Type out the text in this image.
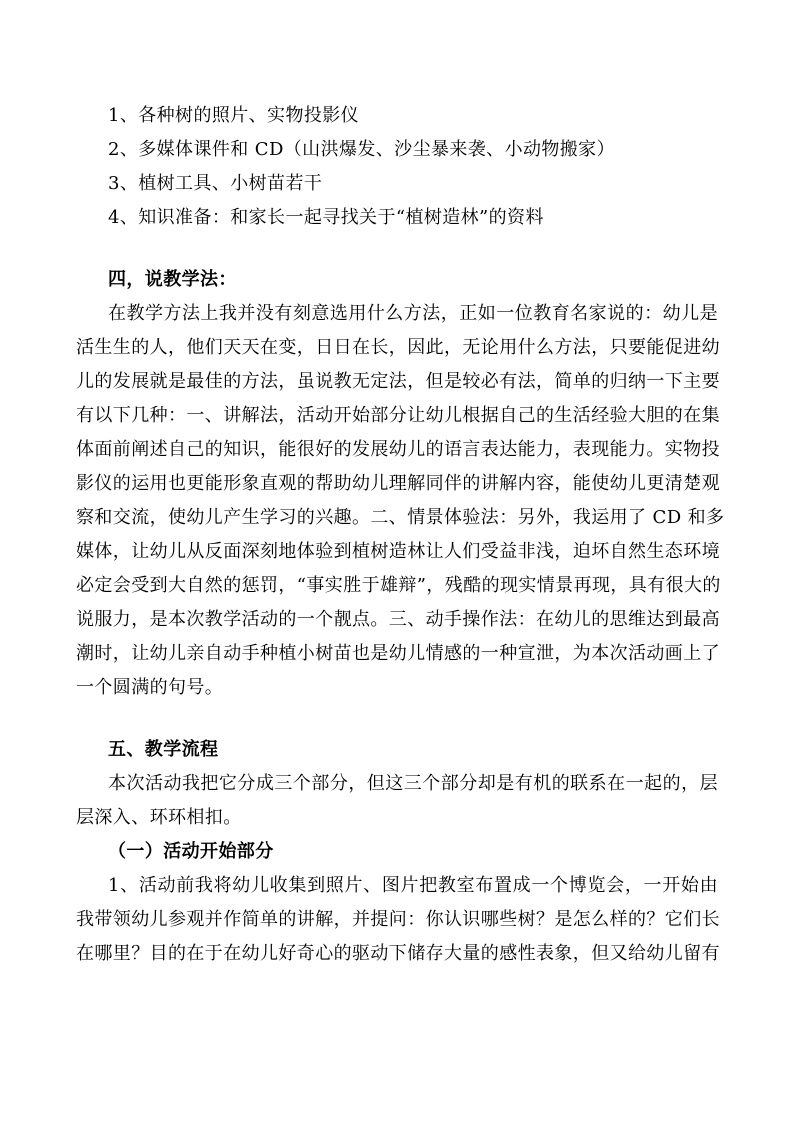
1、各种树的照片、实物投影仪
2、多媒体课件和 CD（山洪爆发、沙尘暴来袭、小动物搬家）
3、植树工具、小树苗若干
4、知识准备：和家长一起寻找关于“植树造林”的资料
四，说教学法：
在教学方法上我并没有刻意选用什么方法，正如一位教育名家说的：幼儿是
活生生的人，他们天天在变，日日在长，因此，无论用什么方法，只要能促进幼
儿的发展就是最佳的方法，虽说教无定法，但是较必有法，简单的归纳一下主要
有以下几种：一、讲解法，活动开始部分让幼儿根据自己的生活经验大胆的在集
体面前阐述自己的知识，能很好的发展幼儿的语言表达能力，表现能力。实物投
影仪的运用也更能形象直观的帮助幼儿理解同伴的讲解内容，能使幼儿更清楚观
察和交流，使幼儿产生学习的兴趣。二、情景体验法：另外，我运用了 CD 和多
媒体，让幼儿从反面深刻地体验到植树造林让人们受益非浅，迫坏自然生态环境
必定会受到大自然的惩罚，“事实胜于雄辩”，残酷的现实情景再现，具有很大的
说服力，是本次教学活动的一个靓点。三、动手操作法：在幼儿的思维达到最高
潮时，让幼儿亲自动手种植小树苗也是幼儿情感的一种宣泄，为本次活动画上了
一个圆满的句号。
五、教学流程
本次活动我把它分成三个部分，但这三个部分却是有机的联系在一起的，层
层深入、环环相扣。
（一）活动开始部分
1、活动前我将幼儿收集到照片、图片把教室布置成一个博览会，一开始由
我带领幼儿参观并作简单的讲解，并提问：你认识哪些树？是怎么样的？它们长
在哪里？目的在于在幼儿好奇心的驱动下储存大量的感性表象，但又给幼儿留有
